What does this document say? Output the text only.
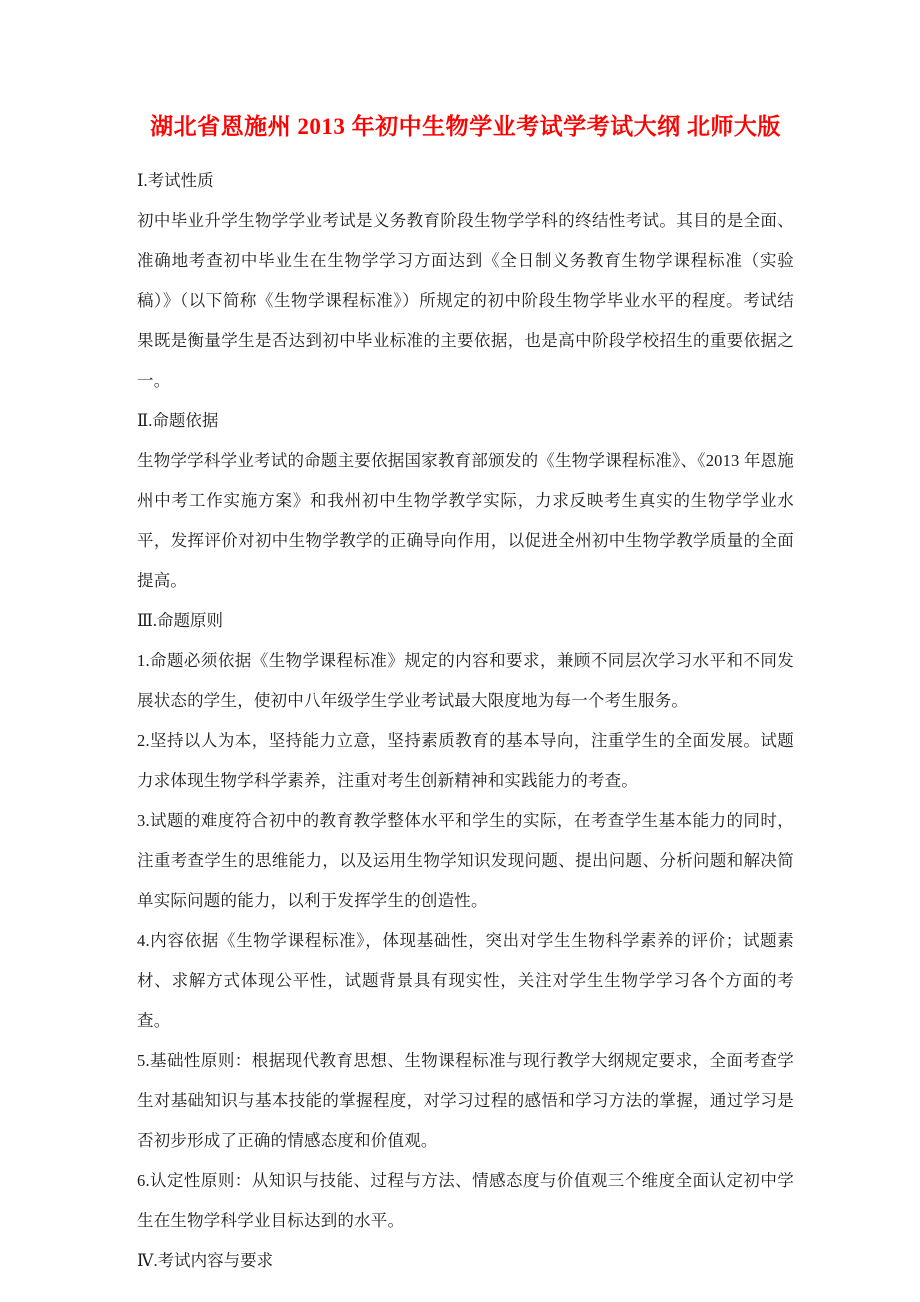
湖北省恩施州 2013 年初中生物学业考试学考试大纲 北师大版

Ⅰ.考试性质

初中毕业升学生物学学业考试是义务教育阶段生物学学科的终结性考试。其目的是全面、准确地考查初中毕业生在生物学学习方面达到《全日制义务教育生物学课程标准（实验稿）》（以下简称《生物学课程标准》）所规定的初中阶段生物学毕业水平的程度。考试结果既是衡量学生是否达到初中毕业标准的主要依据，也是高中阶段学校招生的重要依据之一。

Ⅱ.命题依据

生物学学科学业考试的命题主要依据国家教育部颁发的《生物学课程标准》、《2013 年恩施州中考工作实施方案》和我州初中生物学教学实际，力求反映考生真实的生物学学业水平，发挥评价对初中生物学教学的正确导向作用，以促进全州初中生物学教学质量的全面提高。

Ⅲ.命题原则

1.命题必须依据《生物学课程标准》规定的内容和要求，兼顾不同层次学习水平和不同发展状态的学生，使初中八年级学生学业考试最大限度地为每一个考生服务。

2.坚持以人为本，坚持能力立意，坚持素质教育的基本导向，注重学生的全面发展。试题力求体现生物学科学素养，注重对考生创新精神和实践能力的考查。

3.试题的难度符合初中的教育教学整体水平和学生的实际，在考查学生基本能力的同时，注重考查学生的思维能力，以及运用生物学知识发现问题、提出问题、分析问题和解决简单实际问题的能力，以利于发挥学生的创造性。

4.内容依据《生物学课程标准》，体现基础性，突出对学生生物科学素养的评价；试题素材、求解方式体现公平性，试题背景具有现实性，关注对学生生物学学习各个方面的考查。

5.基础性原则：根据现代教育思想、生物课程标准与现行教学大纲规定要求，全面考查学生对基础知识与基本技能的掌握程度，对学习过程的感悟和学习方法的掌握，通过学习是否初步形成了正确的情感态度和价值观。

6.认定性原则：从知识与技能、过程与方法、情感态度与价值观三个维度全面认定初中学生在生物学科学业目标达到的水平。

Ⅳ.考试内容与要求
